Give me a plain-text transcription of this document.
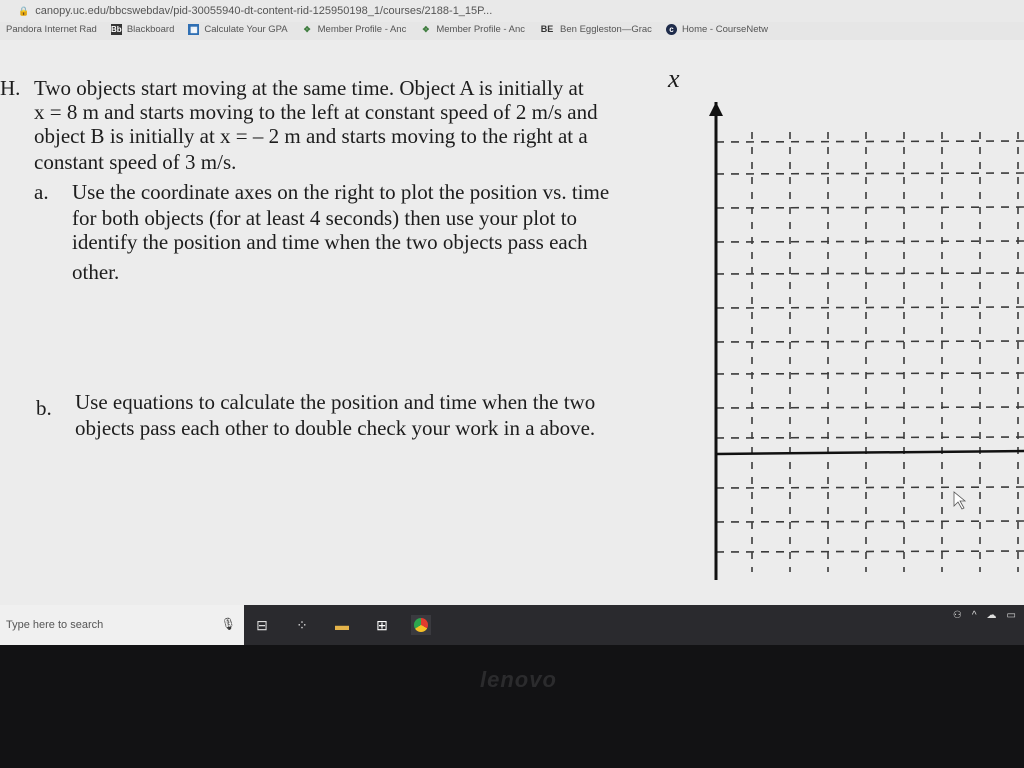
🔒 canopy.uc.edu/bbcswebdav/pid-30055940-dt-content-rid-125950198_1/courses/2188-1_15P...
Pandora Internet Rad Bb Blackboard ▦ Calculate Your GPA ✥ Member Profile - Anc ✥ Member Profile - Anc BE Ben Eggleston—Grac	c Home - CourseNetw
H. Two objects start moving at the same time. Object A is initially at
x = 8 m and starts moving to the left at constant speed of 2 m/s and
object B is initially at x = – 2 m and starts moving to the right at a
constant speed of 3 m/s.
a. Use the coordinate axes on the right to plot the position vs. time
for both objects (for at least 4 seconds) then use your plot to
identify the position and time when the two objects pass each
other.
b. Use equations to calculate the position and time when the two
objects pass each other to double check your work in a above.
x
Type here to search	🎙 ⊟ ⁘ ▬ ⊞
⚇ ^ ☁ ▭
lenovo
